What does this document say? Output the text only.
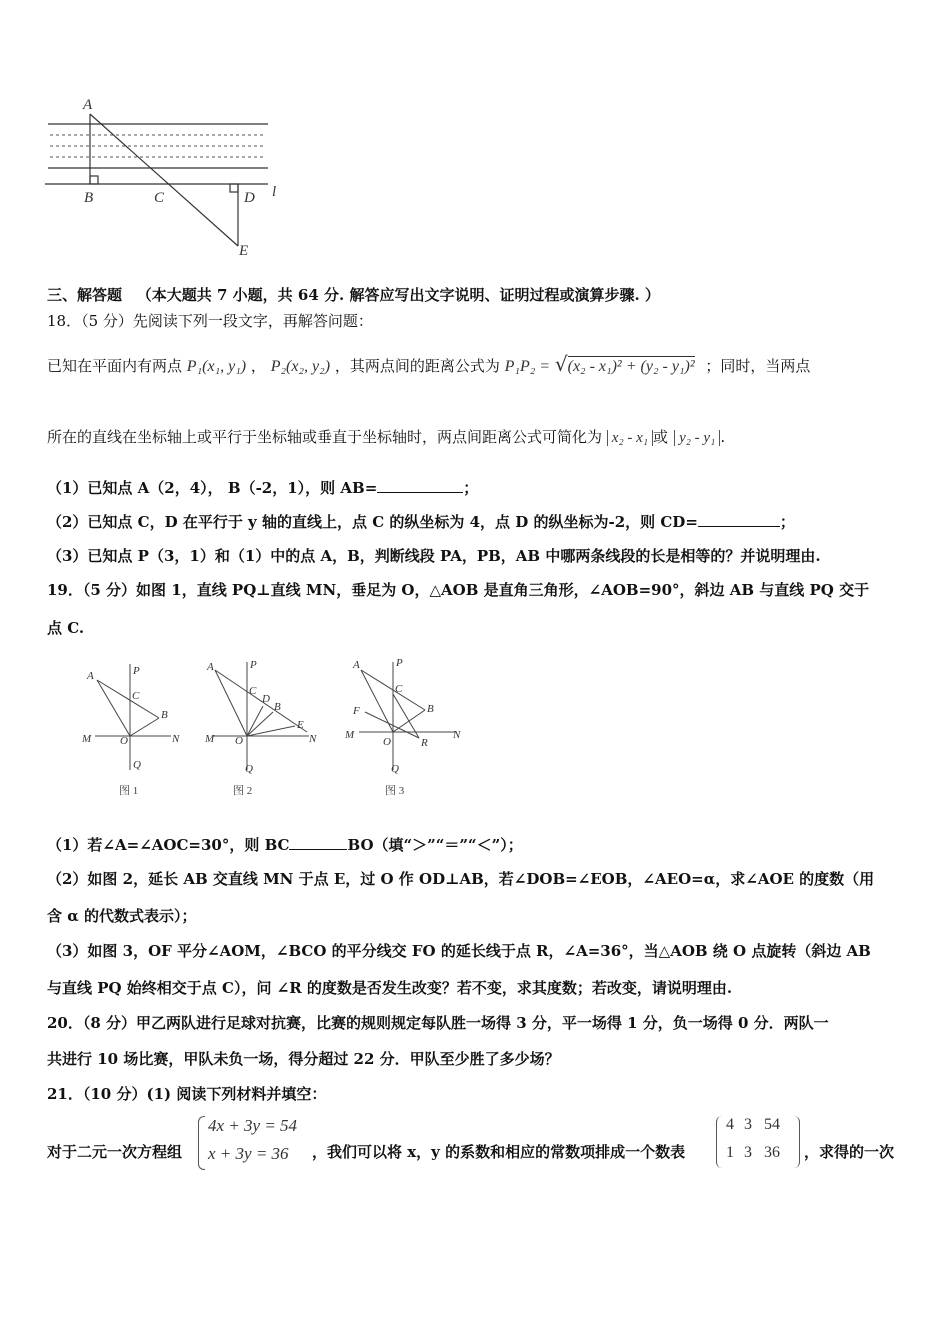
A
B	C	D
E
l
三、解答题 （本大题共 7 小题，共 64 分. 解答应写出文字说明、证明过程或演算步骤. ）
18．（5 分）先阅读下列一段文字，再解答问题：
已知在平面内有两点 P₁(x₁, y₁) ， P₂(x₂, y₂) ，其两点间的距离公式为 P₁P₂ = √(x₂ - x₁)² + (y₂ - y₁)² ；同时，当两点
所在的直线在坐标轴上或平行于坐标轴或垂直于坐标轴时，两点间距离公式可简化为 x₂ - x₁ 或 y₂ - y₁ .
（1）已知点 A（2，4）， B（-2，1），则 AB=	；
（2）已知点 C，D 在平行于 y 轴的直线上，点 C 的纵坐标为 4，点 D 的纵坐标为-2，则 CD=	；
（3）已知点 P（3，1）和（1）中的点 A，B，判断线段 PA，PB，AB 中哪两条线段的长是相等的？并说明理由.
19．（5 分）如图 1，直线 PQ⊥直线 MN，垂足为 O，△AOB 是直角三角形，∠AOB=90°，斜边 AB 与直线 PQ 交于
点 C.
A	P
C
B
M	O	N
Q
A	P
C
D
B
E
M O	N
Q
A	P
C
B
F
M
O	R
N
Q
图 1	图 2	图 3
（1）若∠A=∠AOC=30°，则 BC	BO（填“＞”“＝”“＜”）；
（2）如图 2，延长 AB 交直线 MN 于点 E，过 O 作 OD⊥AB，若∠DOB=∠EOB，∠AEO=α，求∠AOE 的度数（用
含 α 的代数式表示）；
（3）如图 3，OF 平分∠AOM，∠BCO 的平分线交 FO 的延长线于点 R，∠A=36°，当△AOB 绕 O 点旋转（斜边 AB
与直线 PQ 始终相交于点 C），问 ∠R 的度数是否发生改变？若不变，求其度数；若改变，请说明理由.
20．（8 分）甲乙两队进行足球对抗赛，比赛的规则规定每队胜一场得 3 分，平一场得 1 分，负一场得 0 分．两队一
共进行 10 场比赛，甲队未负一场，得分超过 22 分．甲队至少胜了多少场？
21．（10 分）(1) 阅读下列材料并填空：
对于二元一次方程组
4x + 3y = 54
x + 3y = 36 ，我们可以将 x，y 的系数和相应的常数项排成一个数表
4 3 54
1 3 36 ，求得的一次
